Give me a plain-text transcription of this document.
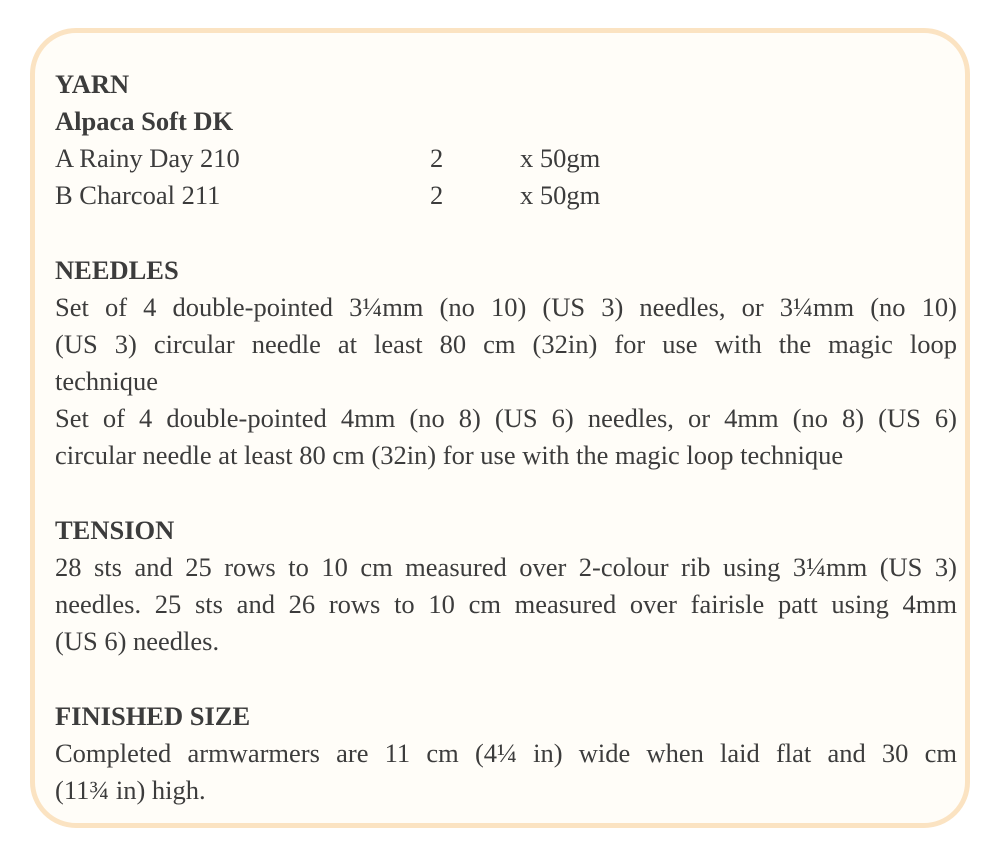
YARN

Alpaca Soft DK

A Rainy Day 210	2	x 50gm
B Charcoal 211	2	x 50gm

NEEDLES

Set of 4 double-pointed 3¼mm (no 10) (US 3) needles, or 3¼mm (no 10)

(US 3) circular needle at least 80 cm (32in) for use with the magic loop

technique

Set of 4 double-pointed 4mm (no 8) (US 6) needles, or 4mm (no 8) (US 6)

circular needle at least 80 cm (32in) for use with the magic loop technique

TENSION

28 sts and 25 rows to 10 cm measured over 2-colour rib using 3¼mm (US 3)

needles. 25 sts and 26 rows to 10 cm measured over fairisle patt using 4mm

(US 6) needles.

FINISHED SIZE

Completed armwarmers are 11 cm (4¼ in) wide when laid flat and 30 cm

(11¾ in) high.
